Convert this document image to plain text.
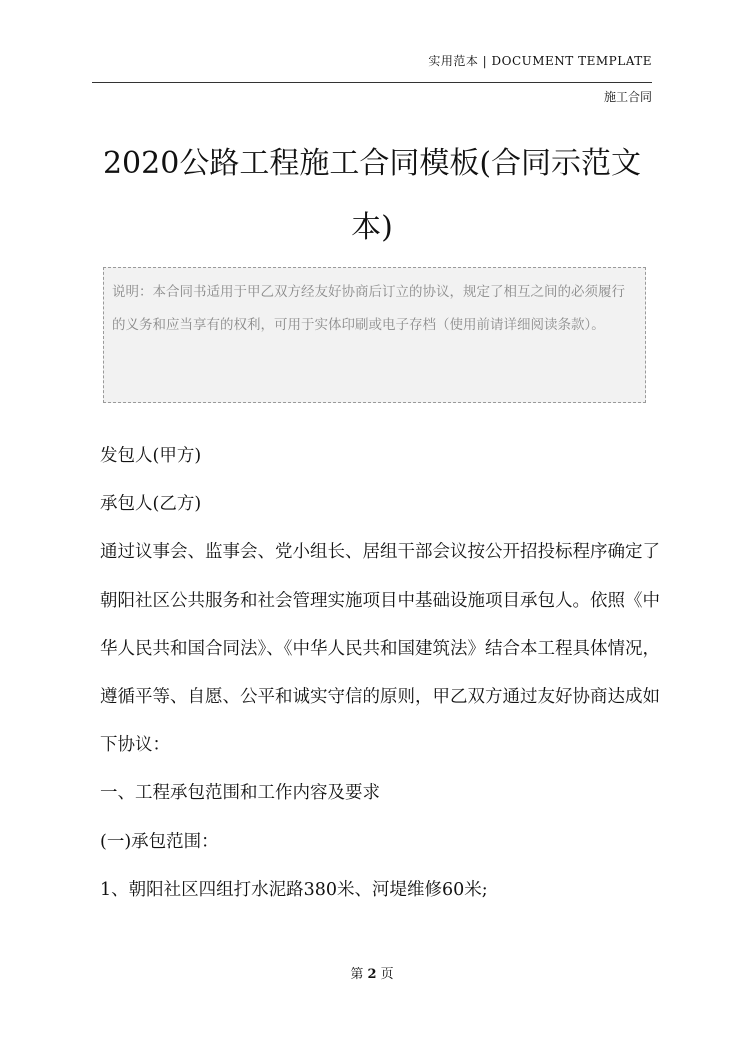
实用范本 | DOCUMENT TEMPLATE
施工合同
2020公路工程施工合同模板(合同示范文本)
说明：本合同书适用于甲乙双方经友好协商后订立的协议，规定了相互之间的必须履行的义务和应当享有的权利，可用于实体印刷或电子存档（使用前请详细阅读条款）。

发包人(甲方)

承包人(乙方)

通过议事会、监事会、党小组长、居组干部会议按公开招投标程序确定了朝阳社区公共服务和社会管理实施项目中基础设施项目承包人。依照《中华人民共和国合同法》、《中华人民共和国建筑法》结合本工程具体情况，遵循平等、自愿、公平和诚实守信的原则，甲乙双方通过友好协商达成如下协议：

一、工程承包范围和工作内容及要求

(一)承包范围：

1、朝阳社区四组打水泥路380米、河堤维修60米;

第 2 页
